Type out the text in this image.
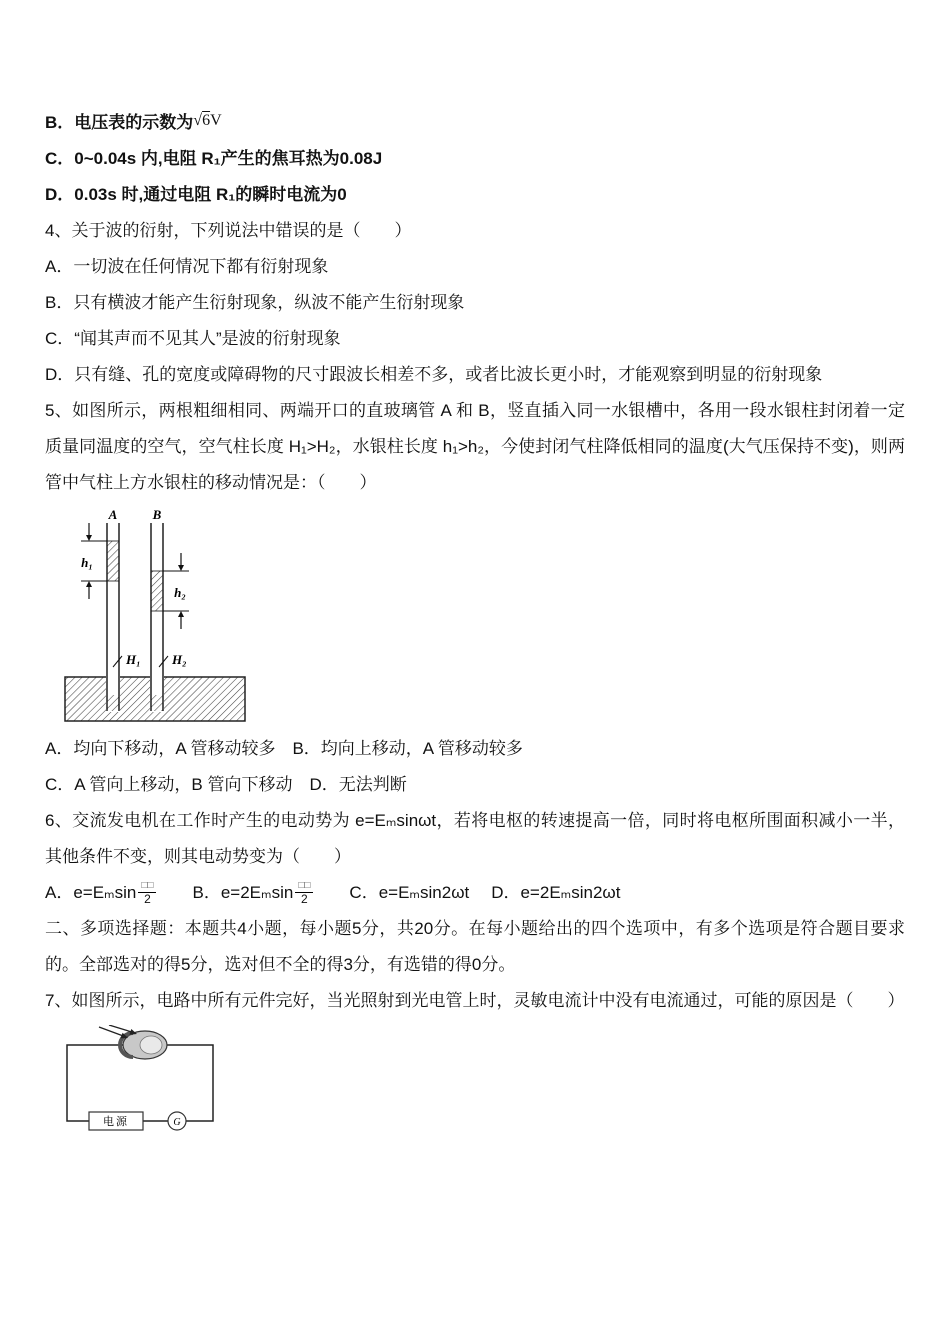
B．电压表的示数为√6V

C．0~0.04s 内,电阻 R₁产生的焦耳热为0.08J

D．0.03s 时,通过电阻 R₁的瞬时电流为0

4、关于波的衍射，下列说法中错误的是（　　）

A．一切波在任何情况下都有衍射现象

B．只有横波才能产生衍射现象，纵波不能产生衍射现象

C．“闻其声而不见其人”是波的衍射现象

D．只有缝、孔的宽度或障碍物的尺寸跟波长相差不多，或者比波长更小时，才能观察到明显的衍射现象

5、如图所示，两根粗细相同、两端开口的直玻璃管 A 和 B，竖直插入同一水银槽中，各用一段水银柱封闭着一定质量同温度的空气，空气柱长度 H₁>H₂，水银柱长度 h₁>h₂，今使封闭气柱降低相同的温度(大气压保持不变)，则两管中气柱上方水银柱的移动情况是：（　　）

h₁
h₂
H₁ H₂
A	B

A．均向下移动，A 管移动较多　B．均向上移动，A 管移动较多

C．A 管向上移动，B 管向下移动　D．无法判断

6、交流发电机在工作时产生的电动势为 e=Eₘsinωt，若将电枢的转速提高一倍，同时将电枢所围面积减小一半，其他条件不变，则其电动势变为（　　）

A．$e=E_m\sin \frac{□□}{2}$ B．$e=2E_m\sin \frac{□□}{2}$ C．e=Eₘsin2ωt D．e=2Eₘsin2ωt

二、多项选择题：本题共4小题，每小题5分，共20分。在每小题给出的四个选项中，有多个选项是符合题目要求的。全部选对的得5分，选对但不全的得3分，有选错的得0分。

7、如图所示，电路中所有元件完好，当光照射到光电管上时，灵敏电流计中没有电流通过，可能的原因是（　　）

电源	G
